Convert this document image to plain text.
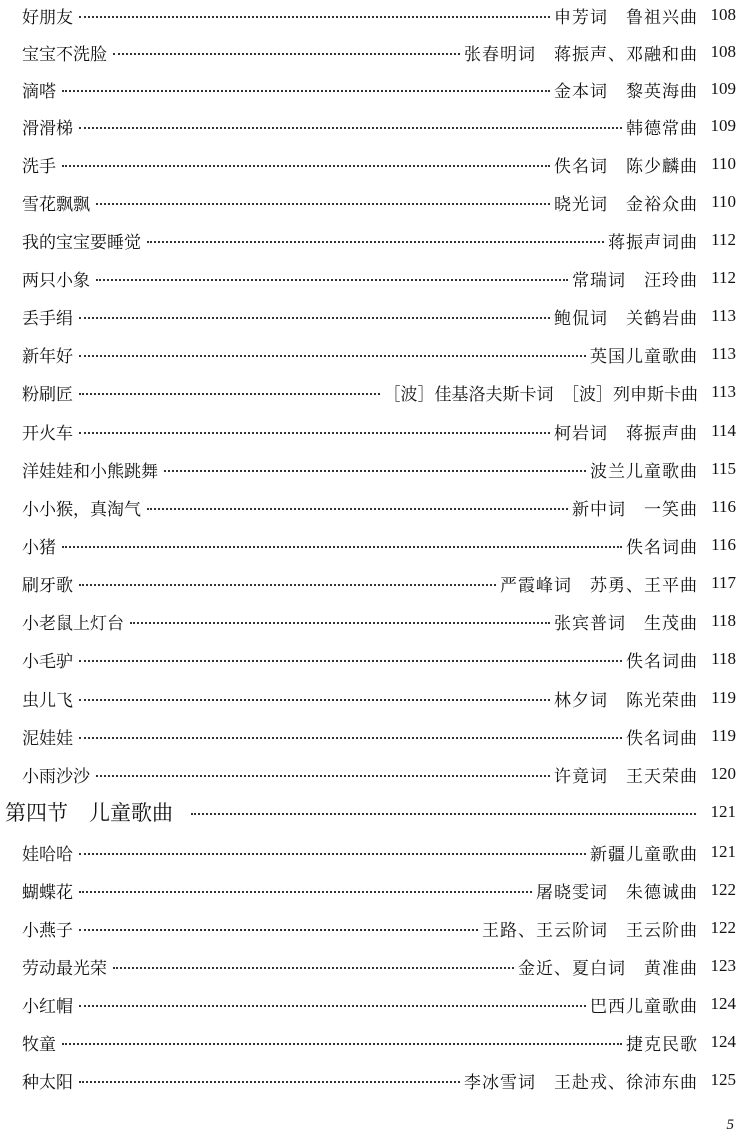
好朋友	申芳词　鲁祖兴曲 108
宝宝不洗脸	张春明词　蒋振声、邓融和曲 108
滴嗒	金本词　黎英海曲 109
滑滑梯	韩德常曲 109
洗手	佚名词　陈少麟曲 110
雪花飘飘	晓光词　金裕众曲 110
我的宝宝要睡觉	蒋振声词曲 112
两只小象	常瑞词　汪玲曲 112
丢手绢	鲍侃词　关鹤岩曲 113
新年好	英国儿童歌曲 113
粉刷匠	［波］佳基洛夫斯卡词　［波］列申斯卡曲 113
开火车	柯岩词　蒋振声曲 114
洋娃娃和小熊跳舞	波兰儿童歌曲 115
小小猴，真淘气	新中词　一笑曲 116
小猪	佚名词曲 116
刷牙歌	严霞峰词　苏勇、王平曲 117
小老鼠上灯台	张宾普词　生茂曲 118
小毛驴	佚名词曲 118
虫儿飞	林夕词　陈光荣曲 119
泥娃娃	佚名词曲 119
小雨沙沙	许竟词　王天荣曲 120
第四节　儿童歌曲	121
娃哈哈	新疆儿童歌曲 121
蝴蝶花	屠晓雯词　朱德诚曲 122
小燕子	王路、王云阶词　王云阶曲 122
劳动最光荣	金近、夏白词　黄准曲 123
小红帽	巴西儿童歌曲 124
牧童	捷克民歌 124
种太阳	李冰雪词　王赴戎、徐沛东曲 125
5
